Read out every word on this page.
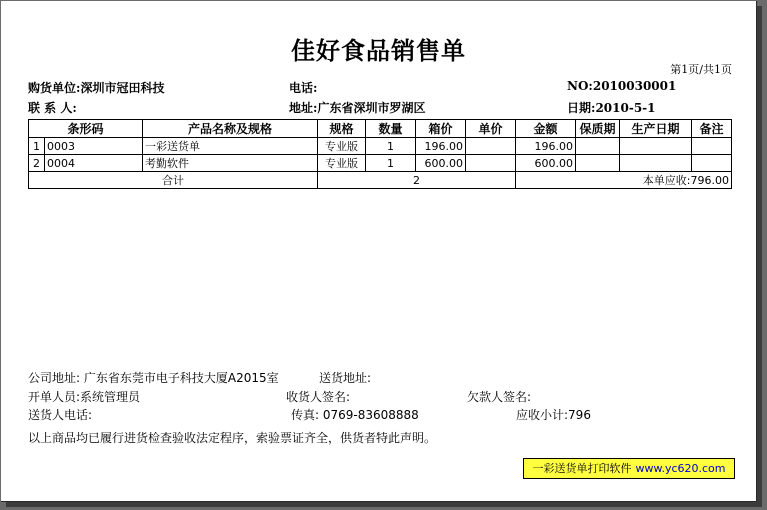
佳好食品销售单
第1页/共1页
购货单位:深圳市冠田科技	电话:	NO:2010030001
联 系 人:	地址:广东省深圳市罗湖区	日期:2010-5-1
条形码		产品名称及规格	规格	数量	箱价	单价	金额	保质期	生产日期	备注
1	0003	一彩送货单	专业版	1	196.00		196.00			
2	0004	考勤软件	专业版	1	600.00		600.00			
合计			2				本单应收:796.00			
公司地址: 广东省东莞市电子科技大厦A2015室	送货地址:
开单人员:系统管理员	收货人签名:	欠款人签名:
送货人电话:	传真: 0769-83608888	应收小计:796
以上商品均已履行进货检查验收法定程序，索验票证齐全，供货者特此声明。
一彩送货单打印软件 www.yc620.com
